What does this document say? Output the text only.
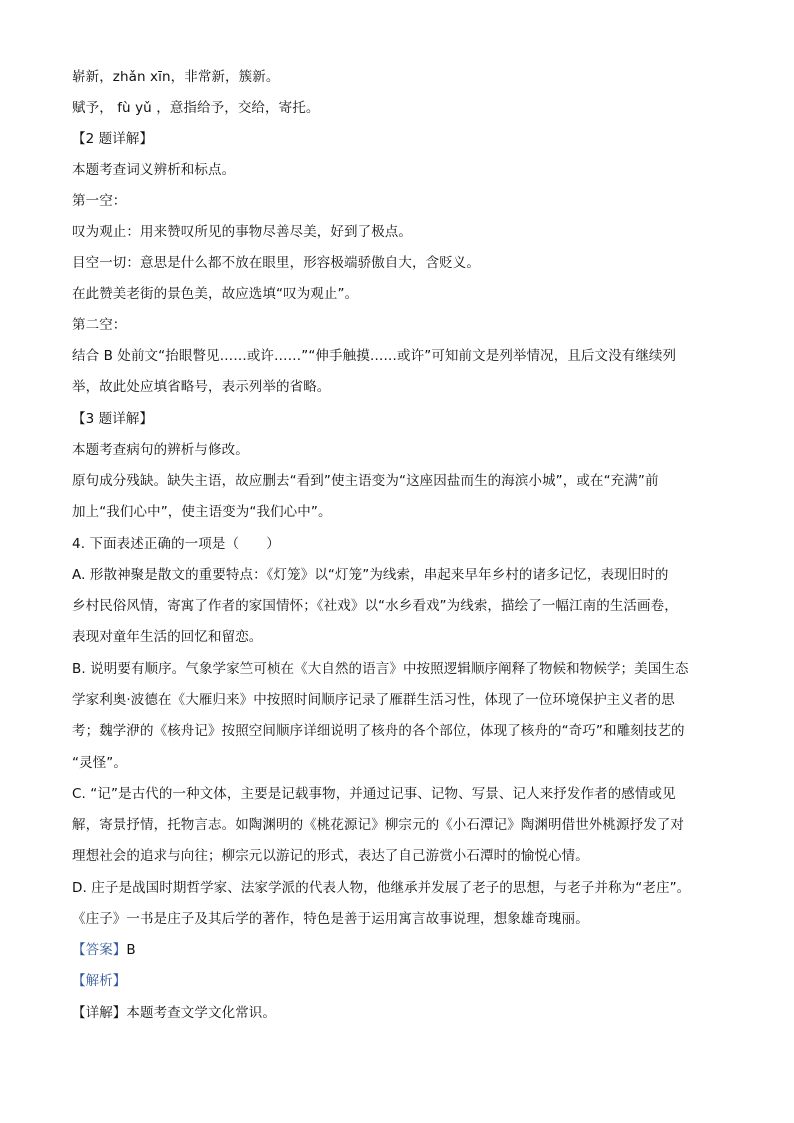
崭新，zhǎn xīn，非常新，簇新。
赋予， fù yǔ ，意指给予，交给，寄托。
【2 题详解】
本题考查词义辨析和标点。
第一空：
叹为观止：用来赞叹所见的事物尽善尽美，好到了极点。
目空一切：意思是什么都不放在眼里，形容极端骄傲自大，含贬义。
在此赞美老街的景色美，故应选填“叹为观止”。
第二空：
结合 B 处前文“抬眼瞥见……或许……”“伸手触摸……或许”可知前文是列举情况，且后文没有继续列
举，故此处应填省略号，表示列举的省略。
【3 题详解】
本题考查病句的辨析与修改。
原句成分残缺。缺失主语，故应删去“看到”使主语变为“这座因盐而生的海滨小城”，或在“充满”前
加上“我们心中”，使主语变为“我们心中”。
4. 下面表述正确的一项是（　　）
A. 形散神聚是散文的重要特点：《灯笼》以“灯笼”为线索，串起来早年乡村的诸多记忆，表现旧时的
乡村民俗风情，寄寓了作者的家国情怀；《社戏》以“水乡看戏”为线索，描绘了一幅江南的生活画卷，
表现对童年生活的回忆和留恋。
B. 说明要有顺序。气象学家竺可桢在《大自然的语言》中按照逻辑顺序阐释了物候和物候学；美国生态
学家利奥·波德在《大雁归来》中按照时间顺序记录了雁群生活习性，体现了一位环境保护主义者的思
考；魏学洢的《核舟记》按照空间顺序详细说明了核舟的各个部位，体现了核舟的“奇巧”和雕刻技艺的
“灵怪”。
C. “记”是古代的一种文体，主要是记载事物，并通过记事、记物、写景、记人来抒发作者的感情或见
解，寄景抒情，托物言志。如陶渊明的《桃花源记》柳宗元的《小石潭记》陶渊明借世外桃源抒发了对
理想社会的追求与向往；柳宗元以游记的形式，表达了自己游赏小石潭时的愉悦心情。
D. 庄子是战国时期哲学家、法家学派的代表人物，他继承并发展了老子的思想，与老子并称为“老庄”。
《庄子》一书是庄子及其后学的著作，特色是善于运用寓言故事说理，想象雄奇瑰丽。
【答案】B
【解析】
【详解】本题考查文学文化常识。
